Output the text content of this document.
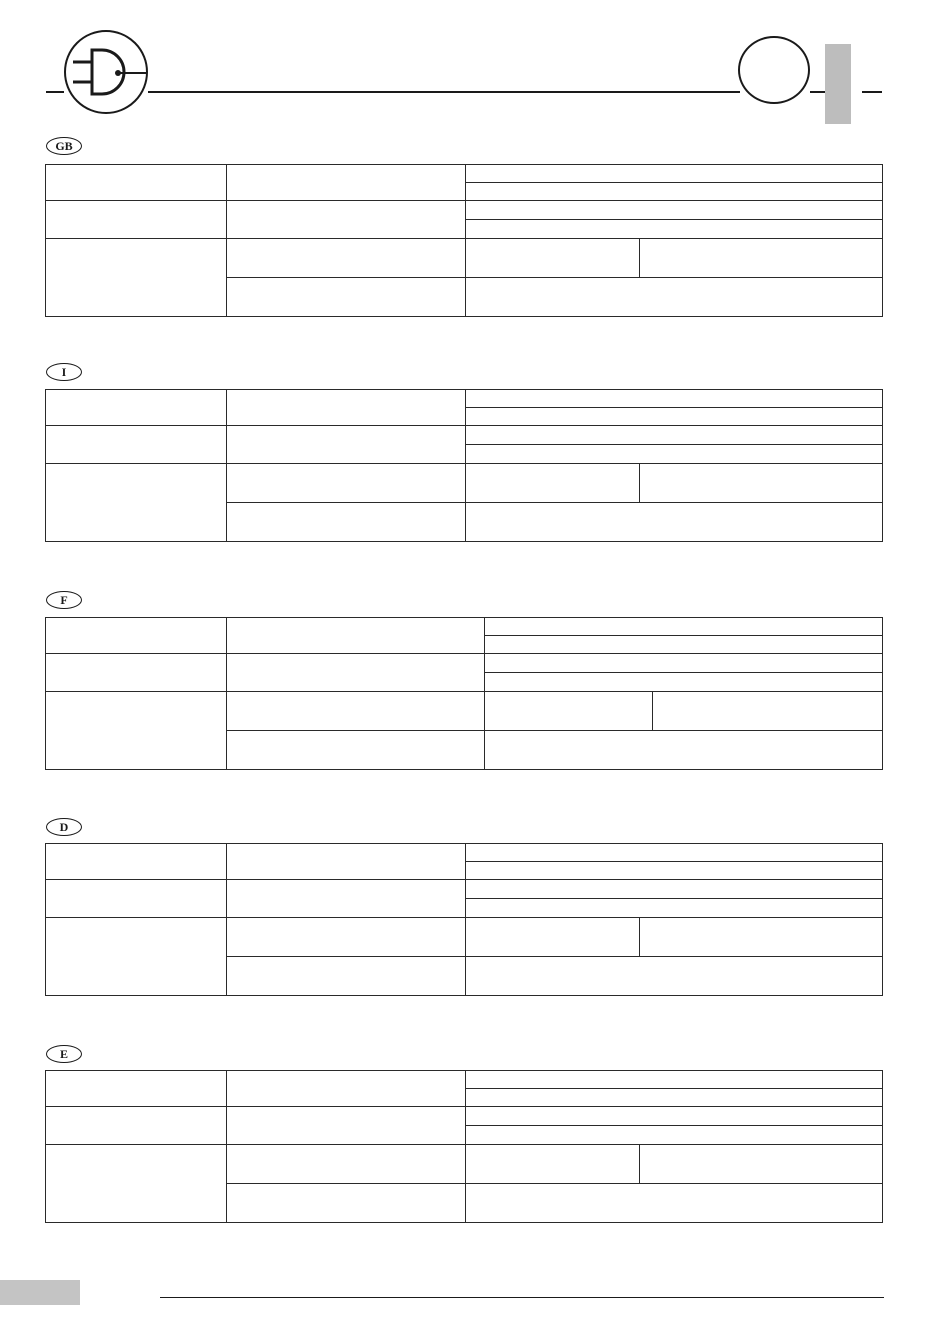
GB
I
F
D
E
